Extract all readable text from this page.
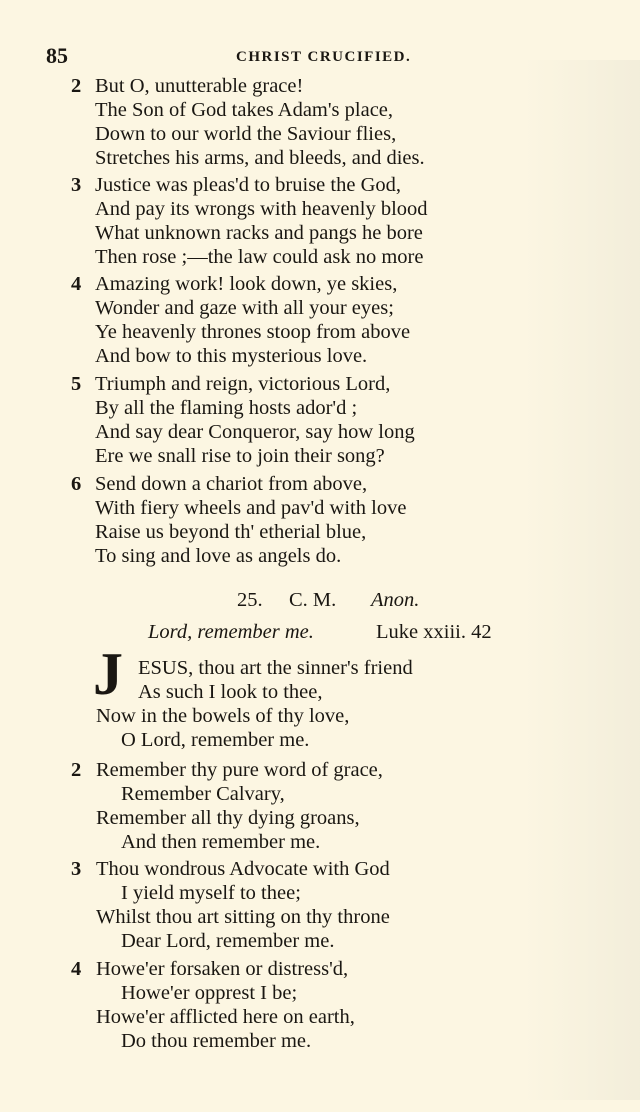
85	CHRIST CRUCIFIED.
2 But O, unutterable grace!
The Son of God takes Adam's place,
Down to our world the Saviour flies,
Stretches his arms, and bleeds, and dies.
3 Justice was pleas'd to bruise the God,
And pay its wrongs with heavenly blood
What unknown racks and pangs he bore
Then rose ;—the law could ask no more
4 Amazing work! look down, ye skies,
Wonder and gaze with all your eyes;
Ye heavenly thrones stoop from above
And bow to this mysterious love.
5 Triumph and reign, victorious Lord,
By all the flaming hosts ador'd ;
And say dear Conqueror, say how long
Ere we snall rise to join their song?
6 Send down a chariot from above,
With fiery wheels and pav'd with love
Raise us beyond th' etherial blue,
To sing and love as angels do.
25. C. M. Anon.
Lord, remember me.	Luke xxiii. 42
J ESUS, thou art the sinner's friend
As such I look to thee,
Now in the bowels of thy love,
O Lord, remember me.
2 Remember thy pure word of grace,
Remember Calvary,
Remember all thy dying groans,
And then remember me.
3 Thou wondrous Advocate with God
I yield myself to thee;
Whilst thou art sitting on thy throne
Dear Lord, remember me.
4 Howe'er forsaken or distress'd,
Howe'er opprest I be;
Howe'er afflicted here on earth,
Do thou remember me.
